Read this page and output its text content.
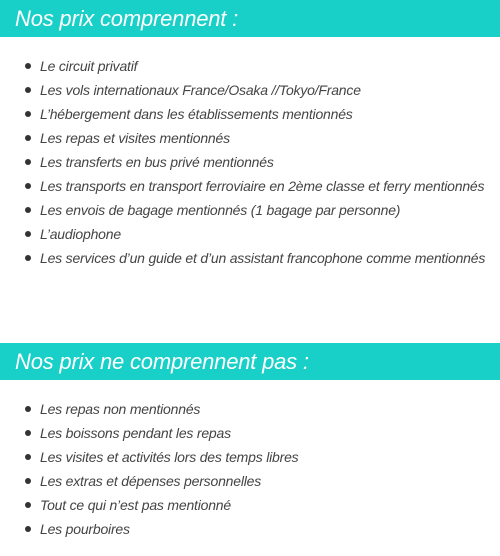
Nos prix comprennent :
Le circuit privatif
Les vols internationaux France/Osaka //Tokyo/France
L’hébergement dans les établissements mentionnés
Les repas et visites mentionnés
Les transferts en bus privé mentionnés
Les transports en transport ferroviaire en 2ème classe et ferry mentionnés
Les envois de bagage mentionnés (1 bagage par personne)
L’audiophone
Les services d’un guide et d’un assistant francophone comme mentionnés
Nos prix ne comprennent pas :
Les repas non mentionnés
Les boissons pendant les repas
Les visites et activités lors des temps libres
Les extras et dépenses personnelles
Tout ce qui n’est pas mentionné
Les pourboires
